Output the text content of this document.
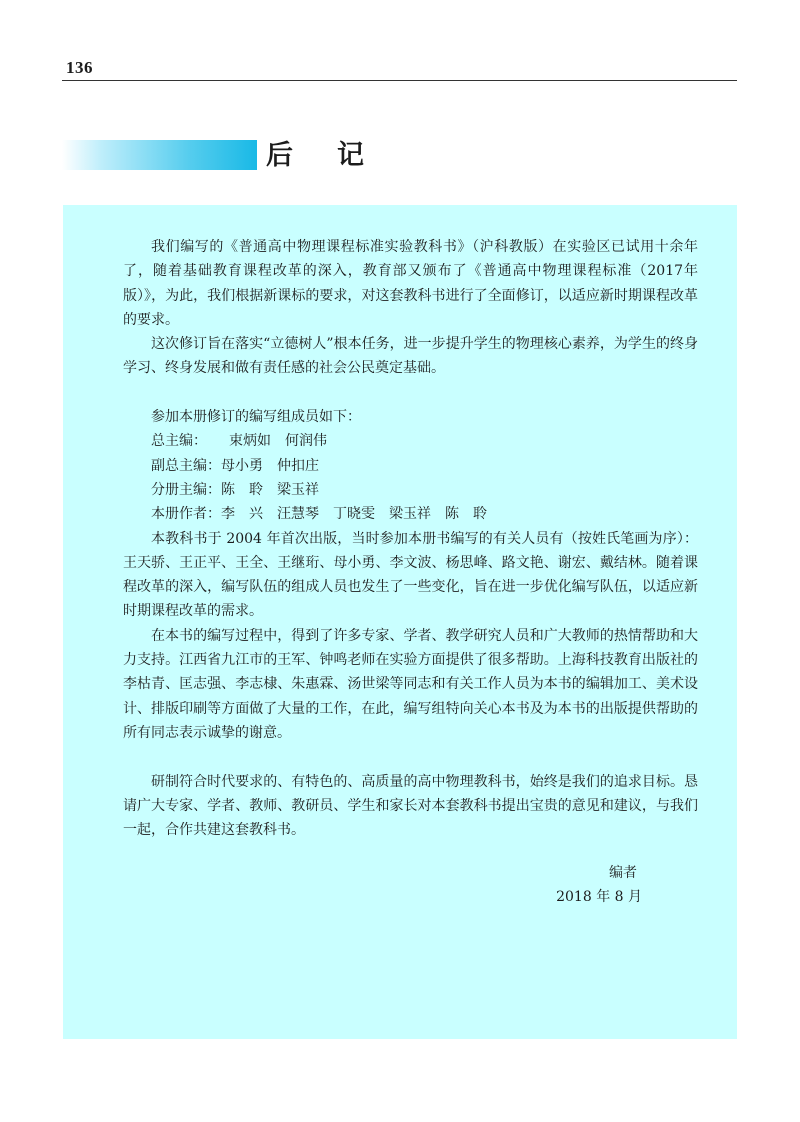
136
后记

我们编写的《普通高中物理课程标准实验教科书》（沪科教版）在实验区已试用十余年了，随着基础教育课程改革的深入，教育部又颁布了《普通高中物理课程标准（2017年版）》，为此，我们根据新课标的要求，对这套教科书进行了全面修订，以适应新时期课程改革的要求。

这次修订旨在落实“立德树人”根本任务，进一步提升学生的物理核心素养，为学生的终身学习、终身发展和做有责任感的社会公民奠定基础。

参加本册修订的编写组成员如下：

总主编： 束炳如　何润伟
副总主编：母小勇　仲扣庄
分册主编：陈　聆　梁玉祥
本册作者：李　兴　汪慧琴　丁晓雯　梁玉祥　陈　聆

本教科书于 2004 年首次出版，当时参加本册书编写的有关人员有（按姓氏笔画为序）：王天骄、王正平、王全、王继珩、母小勇、李文波、杨思峰、路文艳、谢宏、戴结林。随着课程改革的深入，编写队伍的组成人员也发生了一些变化，旨在进一步优化编写队伍，以适应新时期课程改革的需求。

在本书的编写过程中，得到了许多专家、学者、教学研究人员和广大教师的热情帮助和大力支持。江西省九江市的王军、钟鸣老师在实验方面提供了很多帮助。上海科技教育出版社的李枯青、匡志强、李志棣、朱惠霖、汤世梁等同志和有关工作人员为本书的编辑加工、美术设计、排版印刷等方面做了大量的工作，在此，编写组特向关心本书及为本书的出版提供帮助的所有同志表示诚挚的谢意。

研制符合时代要求的、有特色的、高质量的高中物理教科书，始终是我们的追求目标。恳请广大专家、学者、教师、教研员、学生和家长对本套教科书提出宝贵的意见和建议，与我们一起，合作共建这套教科书。

编者
2018 年 8 月
